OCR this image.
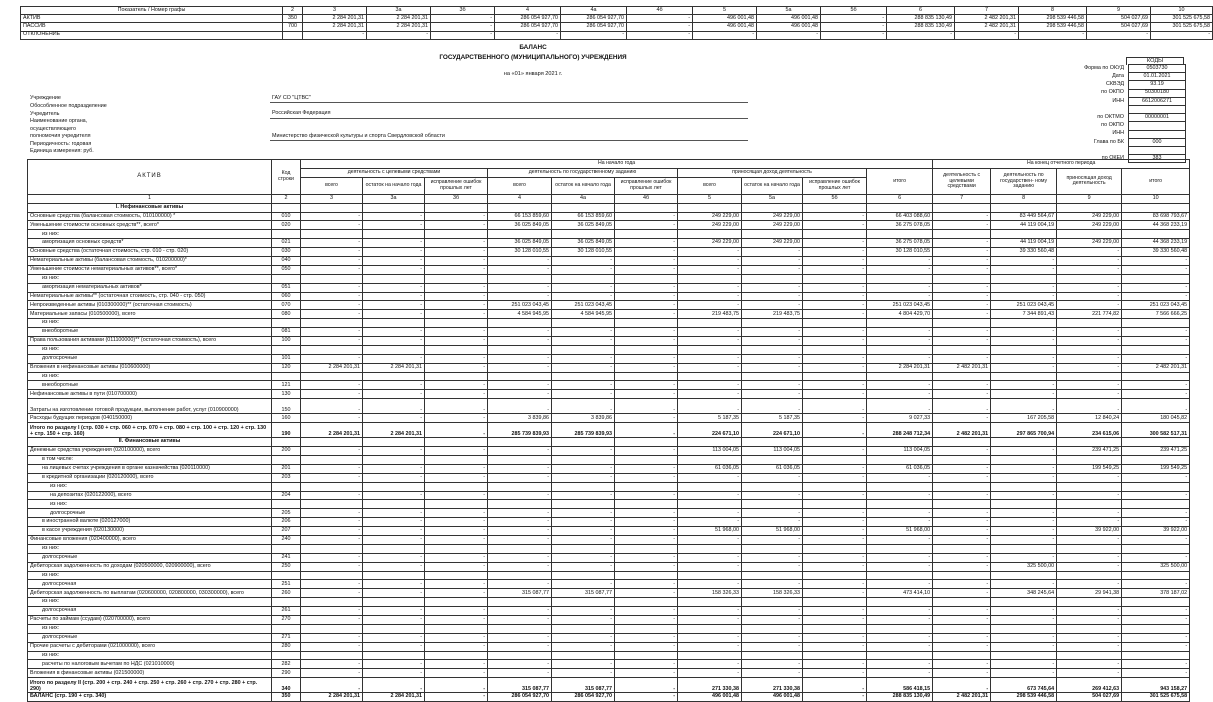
Показатель / Номер графы	2	3	3а	3б	4	4а	4б	5	5а	5б	6	7	8	9	10
АКТИВ	350	2 284 201,31	2 284 201,31	-	286 054 927,70	286 054 927,70	-	496 001,48	496 001,48	-	288 835 130,49	2 482 201,31	298 539 446,58	504 027,69	301 525 675,58
ПАССИВ	700	2 284 201,31	2 284 201,31	-	286 054 927,70	286 054 927,70	-	496 001,48	496 001,48	-	288 835 130,49	2 482 201,31	298 539 446,58	504 027,69	301 525 675,58
ОТКЛОНЕНИЕ		-	-	-	-	-	-	-	-	-	-	-	-	-	-
БАЛАНС
ГОСУДАРСТВЕННОГО (МУНИЦИПАЛЬНОГО) УЧРЕЖДЕНИЯ
на «01» января 2021 г.
КОДЫ
Форма по ОКУД	0503730
Дата	01.01.2021
СКВЭД	93.19
по ОКПО	50300180
ИНН	6612006271

по ОКТМО	00000001
по ОКПО	
ИНН	
Глава по БК	000

по ОКЕИ	383
Учреждение	ГАУ СО "ЦТВС"
Обособленное подразделение	
Учредитель	Российская Федерация
Наименование органа,	
осуществляющего	
полномочия учредителя	Министерство физической культуры и спорта Свердловской области
Периодичность: годовая	
Единица измерения: руб.	
АКТИВ	Код строки	На начало года										На конец отчетного периода			
		деятельность с целевыми средствами			деятельность по государственному заданию			приносящая доход деятельность			итого	деятельность с целевыми средствами	деятельность по государствен- ному заданию	приносящая доход деятельность	итого
		всего	остаток на начало года	исправление ошибок прошлых лет	всего	остаток на начало года	исправление ошибок прошлых лет	всего	остаток на начало года	исправление ошибок прошлых лет					
1	2	3	3а	3б	4	4а	4б	5	5а	5б	6	7	8	9	10
I. Нефинансовые активы															
Основные средства (балансовая стоимость, 010100000) *	010	-	-	-	66 153 859,60	66 153 859,60	-	249 229,00	249 229,00	-	66 403 088,60	-	83 449 564,67	249 229,00	83 698 793,67
Уменьшение стоимости основных средств**, всего*	020	-	-	-	36 025 849,05	36 025 849,05	-	249 229,00	249 229,00	-	36 275 078,05	-	44 119 004,19	249 229,00	44 368 233,19
из них:															
амортизация основных средств*	021	-	-	-	36 025 849,05	36 025 849,05	-	249 229,00	249 229,00	-	36 275 078,05	-	44 119 004,19	249 229,00	44 368 233,19
Основные средства (остаточная стоимость, стр. 010 - стр. 020)	030	-	-	-	30 128 010,55	30 128 010,55	-	-	-	-	30 128 010,55	-	39 330 560,48	-	39 330 560,48
Нематериальные активы (балансовая стоимость, 010200000)*	040	-	-	-	-	-	-	-	-	-	-	-	-	-	-
Уменьшение стоимости нематериальных активов**, всего*	050	-	-	-	-	-	-	-	-	-	-	-	-	-	-
из них:															
амортизация нематериальных активов*	051	-	-	-	-	-	-	-	-	-	-	-	-	-	-
Нематериальные активы** (остаточная стоимость, стр. 040 - стр. 050)	060	-	-	-	-	-	-	-	-	-	-	-	-	-	-
Непроизведенные активы (010300000)** (остаточная стоимость)	070	-	-	-	251 023 043,45	251 023 043,45	-	-	-	-	251 023 043,45	-	251 023 043,45	-	251 023 043,45
Материальные запасы (010500000), всего	080	-	-	-	4 584 945,95	4 584 945,95	-	219 483,75	219 483,75	-	4 804 429,70	-	7 344 891,43	221 774,82	7 566 666,25
из них:															
внеоборотные	081	-	-	-	-	-	-	-	-	-	-	-	-	-	-
Права пользования активами (011100000)** (остаточная стоимость), всего	100	-	-	-	-	-	-	-	-	-	-	-	-	-	-
из них:															
долгосрочные	101	-	-	-	-	-	-	-	-	-	-	-	-	-	-
Вложения в нефинансовые активы (010600000)	120	2 284 201,31	2 284 201,31	-	-	-	-	-	-	-	2 284 201,31	2 482 201,31	-	-	2 482 201,31
из них:															
внеоборотные	121	-	-	-	-	-	-	-	-	-	-	-	-	-	-
Нефинансовые активы в пути (010700000)	130	-	-	-	-	-	-	-	-	-	-	-	-	-	-
Затраты на изготовление готовой продукции, выполнение работ, услуг (010900000)	150	-	-	-	-	-	-	-	-	-	-	-	-	-	-
Расходы будущих периодов (040150000)	160	-	-	-	3 839,86	3 839,86	-	5 187,35	5 187,35	-	9 027,33	-	167 205,58	12 840,24	180 045,82
Итого по разделу I (стр. 030 + стр. 060 + стр. 070 + стр. 080 + стр. 100 + стр. 120 + стр. 130 + стр. 150 + стр. 160)	190	2 284 201,31	2 284 201,31	-	285 739 839,93	285 739 839,93	-	224 671,10	224 671,10	-	288 248 712,34	2 482 201,31	297 865 700,94	234 615,06	300 582 517,31
II. Финансовые активы															
Денежные средства учреждения (020100000), всего	200	-	-	-	-	-	-	113 004,05	113 004,05	-	113 004,05	-	-	239 471,25	239 471,25
в том числе:															
на лицевых счетах учреждения в органе казначейства (020110000)	201	-	-	-	-	-	-	61 036,05	61 036,05	-	61 036,05	-	-	199 549,25	199 549,25
в кредитной организации (020120000), всего	203	-	-	-	-	-	-	-	-	-	-	-	-	-	-
из них:															
на депозитах (020122000), всего	204	-	-	-	-	-	-	-	-	-	-	-	-	-	-
из них:															
долгосрочные	205	-	-	-	-	-	-	-	-	-	-	-	-	-	-
в иностранной валюте (020127000)	206	-	-	-	-	-	-	-	-	-	-	-	-	-	-
в кассе учреждения (020130000)	207	-	-	-	-	-	-	51 968,00	51 968,00	-	51 968,00	-	-	39 922,00	39 922,00
Финансовые вложения (020400000), всего	240	-	-	-	-	-	-	-	-	-	-	-	-	-	-
из них:															
долгосрочные	241	-	-	-	-	-	-	-	-	-	-	-	-	-	-
Дебиторская задолженность по доходам (020500000, 020900000), всего	250	-	-	-	-	-	-	-	-	-	-	-	325 500,00	-	325 500,00
из них:															
долгосрочная	251	-	-	-	-	-	-	-	-	-	-	-	-	-	-
Дебиторская задолженность по выплатам (020600000, 020800000, 030300000), всего	260	-	-	-	315 087,77	315 087,77	-	158 326,33	158 326,33	-	473 414,10	-	348 245,64	29 941,38	378 187,02
из них:															
долгосрочная	261	-	-	-	-	-	-	-	-	-	-	-	-	-	-
Расчеты по займам (ссудам) (020700000), всего	270	-	-	-	-	-	-	-	-	-	-	-	-	-	-
из них:															
долгосрочные	271	-	-	-	-	-	-	-	-	-	-	-	-	-	-
Прочие расчеты с дебиторами (021000000), всего	280	-	-	-	-	-	-	-	-	-	-	-	-	-	-
из них:															
расчеты по налоговым вычетам по НДС (021010000)	282	-	-	-	-	-	-	-	-	-	-	-	-	-	-
Вложения в финансовые активы (021500000)	290	-	-	-	-	-	-	-	-	-	-	-	-	-	-
Итого по разделу II (стр. 200 + стр. 240 + стр. 250 + стр. 260 + стр. 270 + стр. 280 + стр. 290)	340	-	-	-	315 087,77	315 087,77	-	271 330,38	271 330,38	-	586 418,15	-	673 745,64	269 412,63	943 158,27
БАЛАНС (стр. 190 + стр. 340)	350	2 284 201,31	2 284 201,31	-	286 054 927,70	286 054 927,70	-	496 001,48	496 001,48	-	288 835 130,49	2 482 201,31	298 539 446,58	504 027,69	301 525 675,58
